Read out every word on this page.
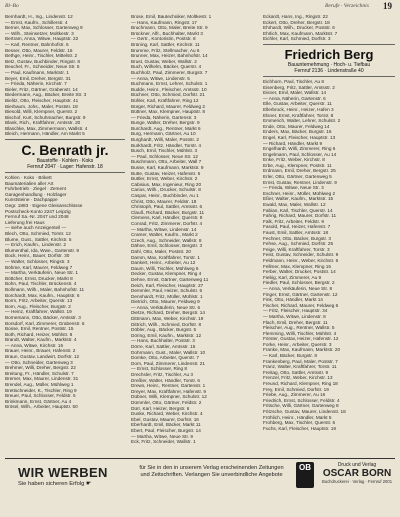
Bl–Bo	Berufe · Verzeichnis 19
Bernhardt, H., Ing., Lindenstr. 12
— Ernst, Kaufm., Schillerstr. 4
Berner, Max, Schlosser, Gartenweg 9
— Wilh., Steinsetzer, Moltkestr. 3
Bertram, Anna, Witwe, Hauptstr. 22
— Karl, Rentner, Bahnhofstr. 6
Besser, Otto, Maurer, Feldstr. 15
Bethge, Heinr., Tischler, Mittelstr. 2
Betz, Gustav, Buchbinder, Ringstr. 8
Beuchel, Fr., Schneider, Neue Str. 5
— Paul, Kaufmann, Marktstr. 1
Beyer, Emil, Dreher, Bergstr. 31
— Frieda, Näherin, Kirchstr. 7
Bieler, Fritz, Gärtner, Grabenstr. 14
Biedermann, Aug., Bäcker, Breite Str. 3
Bielitz, Otto, Fleischer, Hauptstr. 41
Bierbaum, Johs., Maler, Poststr. 18
Biesold, Willi, Klempner, Querstr. 2
Bischof, Kurt, Schuhmacher, Burgstr. 9
Blank, Rich., Kraftfahrer, Amtsstr. 20
Blaschke, Max, Zimmermann, Wallstr. 4
Bleich, Hermann, Händler, Am Markt 5
C. Benrath jr.
Baustoffe · Kohlen · Koks
Fernruf 2047 · Lager: Hafenstr. 18
Kohlen · Koks · Brikett
Baumaterialien aller Art
Fuhrbetrieb · Ziegel · Zement
Garagenhandlung · Holzlager
Kunststeine · Dachpappe
Gegr. 1883 · Eigene Gleisanschlüsse
Postscheck-Konto 2247 Leipzig
Fernruf Sa.-Nr. 2047 und 2048
Lieferung frei Haus
— siehe auch Anzeigenteil —
Blech, Otto, Schmied, Torstr. 12
Blume, Gust., Sattler, Kirchstr. 5
— Erich, Kaufm., Lindenstr. 2
Blumenthal, Ida, Wwe., Gartenstr. 9
Bock, Heinr., Bauer, Dorfstr. 30
— Walter, Schlosser, Ringstr. 3
Böhme, Karl, Maurer, Feldweg 7
— Martha, Verkäuferin, Neue Str. 1
Böttcher, Ernst, Drucker, Markt 8
Bohn, Paul, Tischler, Brückenstr. 4
Bollmann, Wilh., Maler, Bahnhofstr. 11
Borchardt, Max, Kaufm., Hauptstr. 6
Borm, Fritz, Arbeiter, Querstr. 13
Born, Aug., Fleischer, Burgstr. 2
— Heinz, Kraftfahrer, Wallstr. 19
Bornemann, Otto, Bäcker, Amtsstr. 3
Borsdorf, Karl, Zimmerer, Grabenstr. 6
Bosse, Emil, Rentner, Poststr. 15
Both, Richard, Heizer, Mühlstr. 8
Brandt, Walter, Kaufm., Marktstr. 4
— Anna, Witwe, Kirchstr. 16
Brauer, Heinr., Brauer, Hafenstr. 2
Braun, Gustav, Landwirt, Dorfstr. 12
— Otto, Schneider, Gartenweg 3
Brehmer, Willi, Dreher, Bergstr. 22
Breitung, Fr., Händler, Schulstr. 7
Bremer, Max, Maurer, Lindenstr. 31
Brendel, Aug., Müller, Mühlweg 1
Brettschneider, K., Tischler, Ring 9
Breuer, Paul, Schlosser, Feldstr. 5
Brinkmann, Ernst, Gärtner, Au 4
Brösel, Wilh., Arbeiter, Hauptstr. 50
Brose, Emil, Bautechniker, Moltkestr. 1
— Hans, Kaufmann, Ringstr. 17
Bruchmann, Otto, Maler, Breite Str. 9
Brückner, Alfr., Buchhalter, Markt 3
— Gertr., Kontoristin, Poststr. 8
Brüning, Karl, Sattler, Kirchstr. 11
Brumme, Fritz, Stellmacher, Au 6
Brunner, Max, Heizer, Bahnhofstr. 14
Brust, Gustav, Weber, Wallstr. 2
Buch, Wilhelm, Bäcker, Querstr. 4
Buchholz, Paul, Zimmerer, Burgstr. 7
— Anna, Witwe, Lindenstr. 5
Buchmann, Ernst, Lehrer, Schulstr. 1
Budde, Heinr., Fleischer, Amtsstr. 10
Büchner, Otto, Schmied, Dorfstr. 21
Bühler, Karl, Kraftfahrer, Ring 12
Bürger, Richard, Maurer, Feldweg 2
Büttner, Max, Klempner, Hauptstr. 8
— Frieda, Näherin, Gartenstr. 3
Bunge, Walter, Dreher, Bergstr. 9
Burchardt, Aug., Rentner, Markt 6
Burg, Hermann, Gärtner, Au 10
Burghardt, Willi, Maler, Poststr. 2
Burkhardt, Fritz, Händler, Torstr. 4
Busch, Emil, Tischler, Mühlstr. 3
— Paul, Schlosser, Neue Str. 12
Buschmann, Otto, Arbeiter, Wall 7
Busse, Karl, Kaufmann, Marktstr. 9
Butte, Gustav, Heizer, Hafenstr. 5
Buttler, Ernst, Weber, Kirchstr. 2
Cabisius, Max, Ingenieur, Ring 20
Carius, Wilh., Drucker, Schulstr. 8
Caspar, Heinr., Buchbinder, Au 1
Christ, Otto, Maurer, Feldstr. 18
Christoph, Paul, Sattler, Amtsstr. 6
Clauß, Richard, Bäcker, Burgstr. 11
Clemens, Karl, Händler, Querstr. 9
Conrad, Fritz, Zimmerer, Dorfstr. 4
— Martha, Witwe, Lindenstr. 14
Cramer, Walter, Kaufm., Markt 2
Czech, Aug., Schneider, Wallstr. 8
Dähne, Emil, Schlosser, Bergstr. 3
Dahl, Otto, Maler, Poststr. 20
Damm, Max, Kraftfahrer, Torstr. 1
Dankert, Heinr., Arbeiter, Au 12
Daum, Willi, Tischler, Mühlweg 6
Decker, Gustav, Klempner, Ring 4
Dehne, Ernst, Gärtner, Gartenweg 11
Deich, Karl, Fleischer, Hauptstr. 27
Demmler, Paul, Heizer, Schulstr. 5
Dennhardt, Fritz, Müller, Mühlstr. 1
Dietrich, Otto, Maurer, Feldweg 9
— Anna, Verkäuferin, Neue Str. 6
Dietze, Richard, Dreher, Bergstr. 14
Dittmann, Max, Weber, Kirchstr. 19
Dittrich, Wilh., Schmied, Dorfstr. 8
Döbler, Aug., Bäcker, Burgstr. 5
Döring, Emil, Kaufm., Marktstr. 12
— Hans, Buchhalter, Poststr. 3
Dörre, Karl, Sattler, Amtsstr. 15
Dohrmann, Gust., Maler, Wallstr. 10
Domke, Otto, Arbeiter, Querstr. 7
Dorn, Paul, Zimmerer, Lindenstr. 21
— Ernst, Schlosser, Ring 8
Drechsler, Fritz, Tischler, Au 3
Dreßler, Walter, Händler, Torstr. 6
Drews, Heinr., Rentner, Gartenstr. 1
Dreyer, Max, Kraftfahrer, Hafenstr. 9
Dübner, Willi, Klempner, Schulstr. 12
Dümmler, Otto, Gärtner, Feldstr. 2
Dürr, Karl, Heizer, Bergstr. 6
Duske, Richard, Weber, Kirchstr. 4
Ebel, Gustav, Maurer, Dorfstr. 16
Eberhardt, Emil, Bäcker, Markt 11
Ebert, Paul, Fleischer, Burgstr. 14
— Martha, Witwe, Neue Str. 9
Eck, Fritz, Schneider, Wallstr. 1
Eckardt, Hans, Ing., Ringstr. 22
Eckert, Otto, Dreher, Bergstr. 18
Ehrhardt, Wilh., Drucker, Poststr. 6
Ehrlich, Max, Kaufmann, Marktstr. 7
Eichler, Karl, Schmied, Dorfstr. 3
Friedrich Berg
Bauunternehmung · Hoch- u. Tiefbau
Fernruf 2136 · Lindenstraße 40
Eichhorn, Paul, Tischler, Au 8
Eisenberg, Fritz, Sattler, Amtsstr. 2
Eisner, Emil, Maler, Wallstr. 14
— Anna, Näherin, Gartenstr. 6
Elle, Gustav, Arbeiter, Querstr. 11
Ellerbrock, Heinr., Heizer, Hafen 3
Elsner, Ernst, Kraftfahrer, Torstr. 8
Emmerich, Walter, Lehrer, Schulstr. 2
Ende, Otto, Maurer, Feldweg 14
Enders, Max, Bäcker, Burgstr. 16
Engel, Karl, Fleischer, Hauptstr. 13
— Richard, Händler, Markt 9
Engelhardt, Willi, Zimmerer, Ring 6
Engelmann, Paul, Schlosser, Au 14
Enke, Fritz, Weber, Kirchstr. 8
Erbe, Aug., Klempner, Poststr. 11
Erdmann, Emil, Dreher, Bergstr. 25
Erler, Otto, Gärtner, Gartenweg 5
Ernst, Gustav, Rentner, Lindenstr. 9
— Frieda, Witwe, Neue Str. 3
Eschner, Heinr., Müller, Mühlweg 2
Eßer, Walter, Kaufm., Marktstr. 15
Ewald, Max, Maler, Wallstr. 12
Fabian, Karl, Tischler, Querstr. 14
Fahrig, Richard, Maurer, Dorfstr. 11
Falk, Fritz, Arbeiter, Feldstr. 9
Fasold, Paul, Heizer, Hafenstr. 7
Faust, Emil, Sattler, Amtsstr. 18
Fechner, Otto, Bäcker, Burgstr. 3
Fehse, Aug., Schmied, Dorfstr. 25
Feige, Willi, Kraftfahrer, Torstr. 3
Feist, Gustav, Schneider, Schulstr. 9
Feldmann, Heinr., Weber, Kirchstr. 6
Fellmer, Max, Klempner, Ring 15
Ferber, Walter, Drucker, Poststr. 14
Fiebig, Karl, Zimmerer, Au 9
Fiedler, Paul, Schlosser, Bergstr. 2
— Anna, Verkäuferin, Neue Str. 8
Finger, Ernst, Gärtner, Gartenstr. 12
Fink, Otto, Händler, Markt 14
Fischer, Richard, Maurer, Feldweg 6
— Fritz, Fleischer, Hauptstr. 34
— Martha, Witwe, Lindenstr. 8
Flach, Emil, Dreher, Bergstr. 11
Fleischer, Aug., Rentner, Wallstr. 5
Flemming, Willi, Tischler, Mühlstr. 4
Förster, Gustav, Heizer, Hafenstr. 12
Forke, Heinr., Arbeiter, Querstr. 3
Franke, Max, Kaufmann, Marktstr. 20
— Karl, Bäcker, Burgstr. 8
Frankenberg, Paul, Maler, Poststr. 7
Franz, Walter, Kraftfahrer, Torstr. 11
Freitag, Otto, Sattler, Amtsstr. 9
Frenzel, Fritz, Weber, Kirchstr. 13
Freund, Richard, Klempner, Ring 18
Frey, Emil, Schmied, Dorfstr. 19
Friebe, Aug., Zimmerer, Au 16
Friedrich, Ernst, Schlosser, Feldstr. 4
Fritsche, Willi, Gärtner, Gartenweg 8
Fritzsche, Gustav, Maurer, Lindenstr. 18
Fröhlich, Heinr., Händler, Markt 5
Frohberg, Max, Tischler, Querstr. 6
Fuchs, Karl, Fleischer, Hauptstr. 19
WIR WERBEN
Sie haben sicheren Erfolg ☛
für Sie in den in unserem Verlag erscheinenden Zeitungen und Zeitschriften. Verlangen Sie unverbindliche Angebote
OB	Druck und Verlag
OSCAR BORN
Buchdruckerei · Verlag · Fernruf 2001
